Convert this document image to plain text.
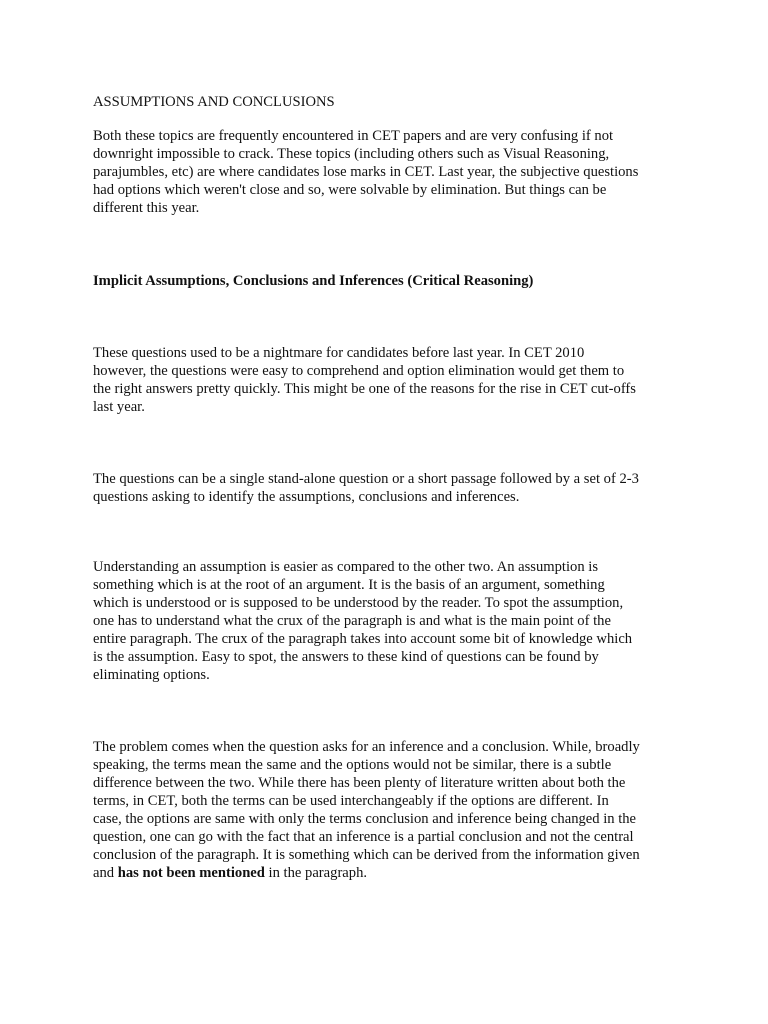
ASSUMPTIONS AND CONCLUSIONS
Both these topics are frequently encountered in CET papers and are very confusing if not
downright impossible to crack. These topics (including others such as Visual Reasoning,
parajumbles, etc) are where candidates lose marks in CET. Last year, the subjective questions
had options which weren't close and so, were solvable by elimination. But things can be
different this year.
Implicit Assumptions, Conclusions and Inferences (Critical Reasoning)
These questions used to be a nightmare for candidates before last year. In CET 2010
however, the questions were easy to comprehend and option elimination would get them to
the right answers pretty quickly. This might be one of the reasons for the rise in CET cut-offs
last year.
The questions can be a single stand-alone question or a short passage followed by a set of 2-3
questions asking to identify the assumptions, conclusions and inferences.
Understanding an assumption is easier as compared to the other two. An assumption is
something which is at the root of an argument. It is the basis of an argument, something
which is understood or is supposed to be understood by the reader. To spot the assumption,
one has to understand what the crux of the paragraph is and what is the main point of the
entire paragraph. The crux of the paragraph takes into account some bit of knowledge which
is the assumption. Easy to spot, the answers to these kind of questions can be found by
eliminating options.
The problem comes when the question asks for an inference and a conclusion. While, broadly
speaking, the terms mean the same and the options would not be similar, there is a subtle
difference between the two. While there has been plenty of literature written about both the
terms, in CET, both the terms can be used interchangeably if the options are different. In
case, the options are same with only the terms conclusion and inference being changed in the
question, one can go with the fact that an inference is a partial conclusion and not the central
conclusion of the paragraph. It is something which can be derived from the information given
and has not been mentioned in the paragraph.
